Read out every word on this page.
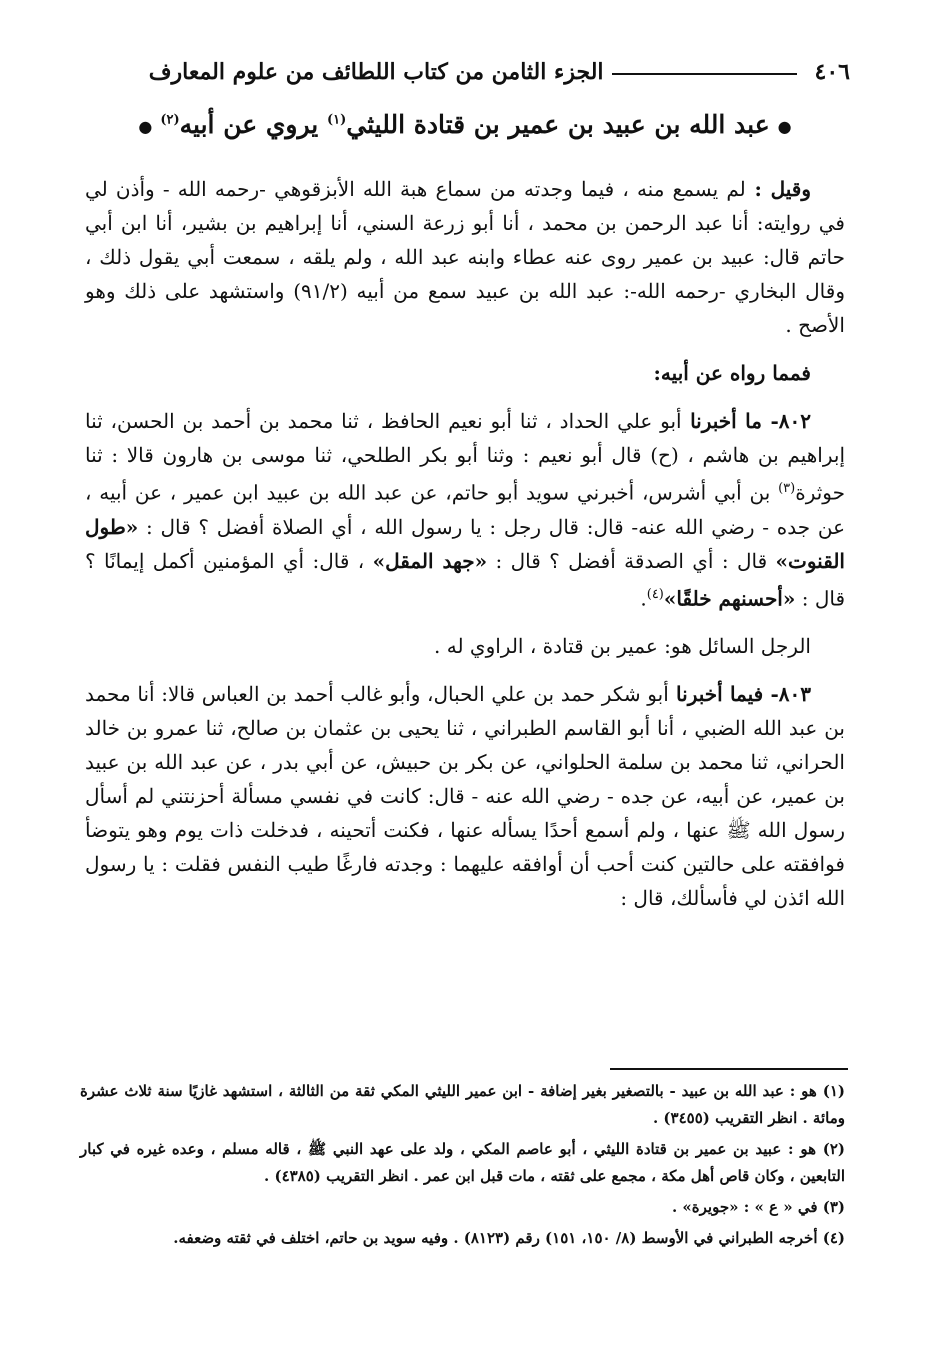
٤٠٦
الجزء الثامن من كتاب اللطائف من علوم المعارف
●عبد الله بن عبيد بن عمير بن قتادة الليثي$^{(١)}$ يروي عن أبيه$^{(٢)}$●

وقيل : لم يسمع منه ، فيما وجدته من سماع هبة الله الأبزقوهي -رحمه الله - وأذن لي في روايته: أنا عبد الرحمن بن محمد ، أنا أبو زرعة السني، أنا إبراهيم بن بشير، أنا ابن أبي حاتم قال: عبيد بن عمير روى عنه عطاء وابنه عبد الله ، ولم يلقه ، سمعت أبي يقول ذلك ، وقال البخاري -رحمه الله-: عبد الله بن عبيد سمع من أبيه (٩١/٢) واستشهد على ذلك وهو الأصح .

فمما رواه عن أبيه:

٨٠٢- ما أخبرنا أبو علي الحداد ، ثنا أبو نعيم الحافظ ، ثنا محمد بن أحمد بن الحسن، ثنا إبراهيم بن هاشم ، (ح) قال أبو نعيم : وثنا أبو بكر الطلحي، ثنا موسى بن هارون قالا : ثنا حوثرة$^{(٣)}$ بن أبي أشرس، أخبرني سويد أبو حاتم، عن عبد الله بن عبيد ابن عمير ، عن أبيه ، عن جده - رضي الله عنه- قال: قال رجل : يا رسول الله ، أي الصلاة أفضل ؟ قال : «طول القنوت» قال : أي الصدقة أفضل ؟ قال : «جهد المقل» ، قال: أي المؤمنين أكمل إيمانًا ؟ قال : «أحسنهم خلقًا»$^{(٤)}$.

الرجل السائل هو: عمير بن قتادة ، الراوي له .

٨٠٣- فيما أخبرنا أبو شكر حمد بن علي الحبال، وأبو غالب أحمد بن العباس قالا: أنا محمد بن عبد الله الضبي ، أنا أبو القاسم الطبراني ، ثنا يحيى بن عثمان بن صالح، ثنا عمرو بن خالد الحراني، ثنا محمد بن سلمة الحلواني، عن بكر بن حبيش، عن أبي بدر ، عن عبد الله بن عبيد بن عمير، عن أبيه، عن جده - رضي الله عنه - قال: كانت في نفسي مسألة أحزنتني لم أسأل رسول الله ﷺ عنها ، ولم أسمع أحدًا يسأله عنها ، فكنت أتحينه ، فدخلت ذات يوم وهو يتوضأ فوافقته على حالتين كنت أحب أن أوافقه عليهما : وجدته فارغًا طيب النفس فقلت : يا رسول الله ائذن لي فأسألك، قال :

(١) هو : عبد الله بن عبيد - بالتصغير بغير إضافة - ابن عمير الليثي المكي ثقة من الثالثة ، استشهد غازيًا سنة ثلاث عشرة ومائة . انظر التقريب (٣٤٥٥) .

(٢) هو : عبيد بن عمير بن قتادة الليثي ، أبو عاصم المكي ، ولد على عهد النبي ﷺ ، قاله مسلم ، وعده غيره في كبار التابعين ، وكان قاص أهل مكة ، مجمع على ثقته ، مات قبل ابن عمر . انظر التقريب (٤٣٨٥) .

(٣) في « ع » : «جويرة» .

(٤) أخرجه الطبراني في الأوسط (٨/ ١٥٠، ١٥١) رقم (٨١٢٣) . وفيه سويد بن حاتم، اختلف في ثقته وضعفه.
